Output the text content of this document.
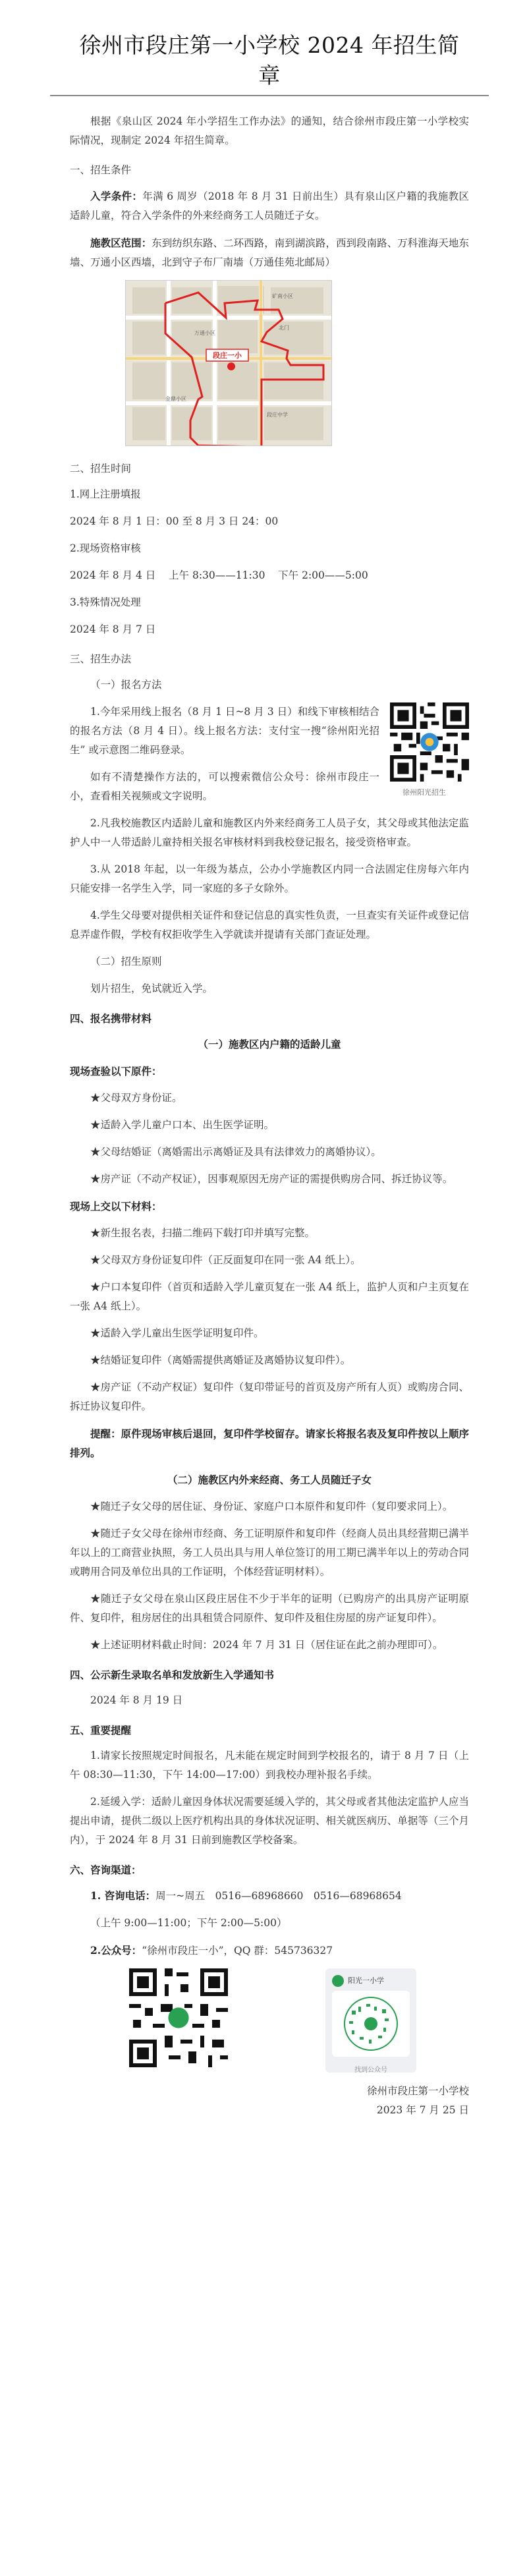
徐州市段庄第一小学校 2024 年招生简章

根据《泉山区 2024 年小学招生工作办法》的通知，结合徐州市段庄第一小学校实际情况，现制定 2024 年招生简章。

一、招生条件

入学条件：年满 6 周岁（2018 年 8 月 31 日前出生）具有泉山区户籍的我施教区适龄儿童，符合入学条件的外来经商务工人员随迁子女。

施教区范围：东到纺织东路、二环西路，南到湖滨路，西到段南路、万科淮海天地东墙、万通小区西墙，北到守子布厂南墙（万通佳苑北邮局）

段庄一小
万通小区
矿南小区
金鼎小区
北门
段庄中学

二、招生时间

1.网上注册填报

2024 年 8 月 1 日：00 至 8 月 3 日 24：00

2.现场资格审核

2024 年 8 月 4 日 上午 8:30——11:30 下午 2:00——5:00

3.特殊情况处理

2024 年 8 月 7 日

三、招生办法

（一）报名方法

1.今年采用线上报名（8 月 1 日~8 月 3 日）和线下审核相结合的报名方法（8 月 4 日）。线上报名方法：支付宝一搜“徐州阳光招生” 或示意图二维码登录。

如有不清楚操作方法的，可以搜索微信公众号：徐州市段庄一小，查看相关视频或文字说明。	徐州阳光招生

2.凡我校施教区内适龄儿童和施教区内外来经商务工人员子女，其父母或其他法定监护人中一人带适龄儿童持相关报名审核材料到我校登记报名，接受资格审查。

3.从 2018 年起，以一年级为基点，公办小学施教区内同一合法固定住房每六年内只能安排一名学生入学，同一家庭的多子女除外。

4.学生父母要对提供相关证件和登记信息的真实性负责，一旦查实有关证件或登记信息弄虚作假，学校有权拒收学生入学就读并提请有关部门查证处理。

（二）招生原则

划片招生，免试就近入学。

四、报名携带材料

（一）施教区内户籍的适龄儿童

现场查验以下原件：

★父母双方身份证。

★适龄入学儿童户口本、出生医学证明。

★父母结婚证（离婚需出示离婚证及具有法律效力的离婚协议）。

★房产证（不动产权证），因事观原因无房产证的需提供购房合同、拆迁协议等。

现场上交以下材料：

★新生报名表，扫描二维码下载打印并填写完整。

★父母双方身份证复印件（正反面复印在同一张 A4 纸上）。

★户口本复印件（首页和适龄入学儿童页复在一张 A4 纸上，监护人页和户主页复在一张 A4 纸上）。

★适龄入学儿童出生医学证明复印件。

★结婚证复印件（离婚需提供离婚证及离婚协议复印件）。

★房产证（不动产权证）复印件（复印带证号的首页及房产所有人页）或购房合同、拆迁协议复印件。

提醒：原件现场审核后退回，复印件学校留存。请家长将报名表及复印件按以上顺序排列。

（二）施教区内外来经商、务工人员随迁子女

★随迁子女父母的居住证、身份证、家庭户口本原件和复印件（复印要求同上）。

★随迁子女父母在徐州市经商、务工证明原件和复印件（经商人员出具经营期已满半年以上的工商营业执照，务工人员出具与用人单位签订的用工期已满半年以上的劳动合同或聘用合同及单位出具的工作证明，个体经营证明材料）。

★随迁子女父母在泉山区段庄居住不少于半年的证明（已购房产的出具房产证明原件、复印件，租房居住的出具租赁合同原件、复印件及租住房屋的房产证复印件）。

★上述证明材料截止时间：2024 年 7 月 31 日（居住证在此之前办理即可）。

四、公示新生录取名单和发放新生入学通知书

2024 年 8 月 19 日

五、重要提醒

1.请家长按照规定时间报名，凡未能在规定时间到学校报名的，请于 8 月 7 日（上午 08:30—11:30，下午 14:00—17:00）到我校办理补报名手续。

2.延缓入学：适龄儿童因身体状况需要延缓入学的，其父母或者其他法定监护人应当提出申请，提供二级以上医疗机构出具的身体状况证明、相关就医病历、单据等（三个月内），于 2024 年 8 月 31 日前到施教区学校备案。

六、咨询渠道：

1. 咨询电话：周一~周五　0516—68968660　0516—68968654

（上午 9:00—11:00；下午 2:00—5:00）

2.公众号：“徐州市段庄一小”，QQ 群：545736327

阳光一小学
找到公众号
徐州市段庄第一小学校
2023 年 7 月 25 日
